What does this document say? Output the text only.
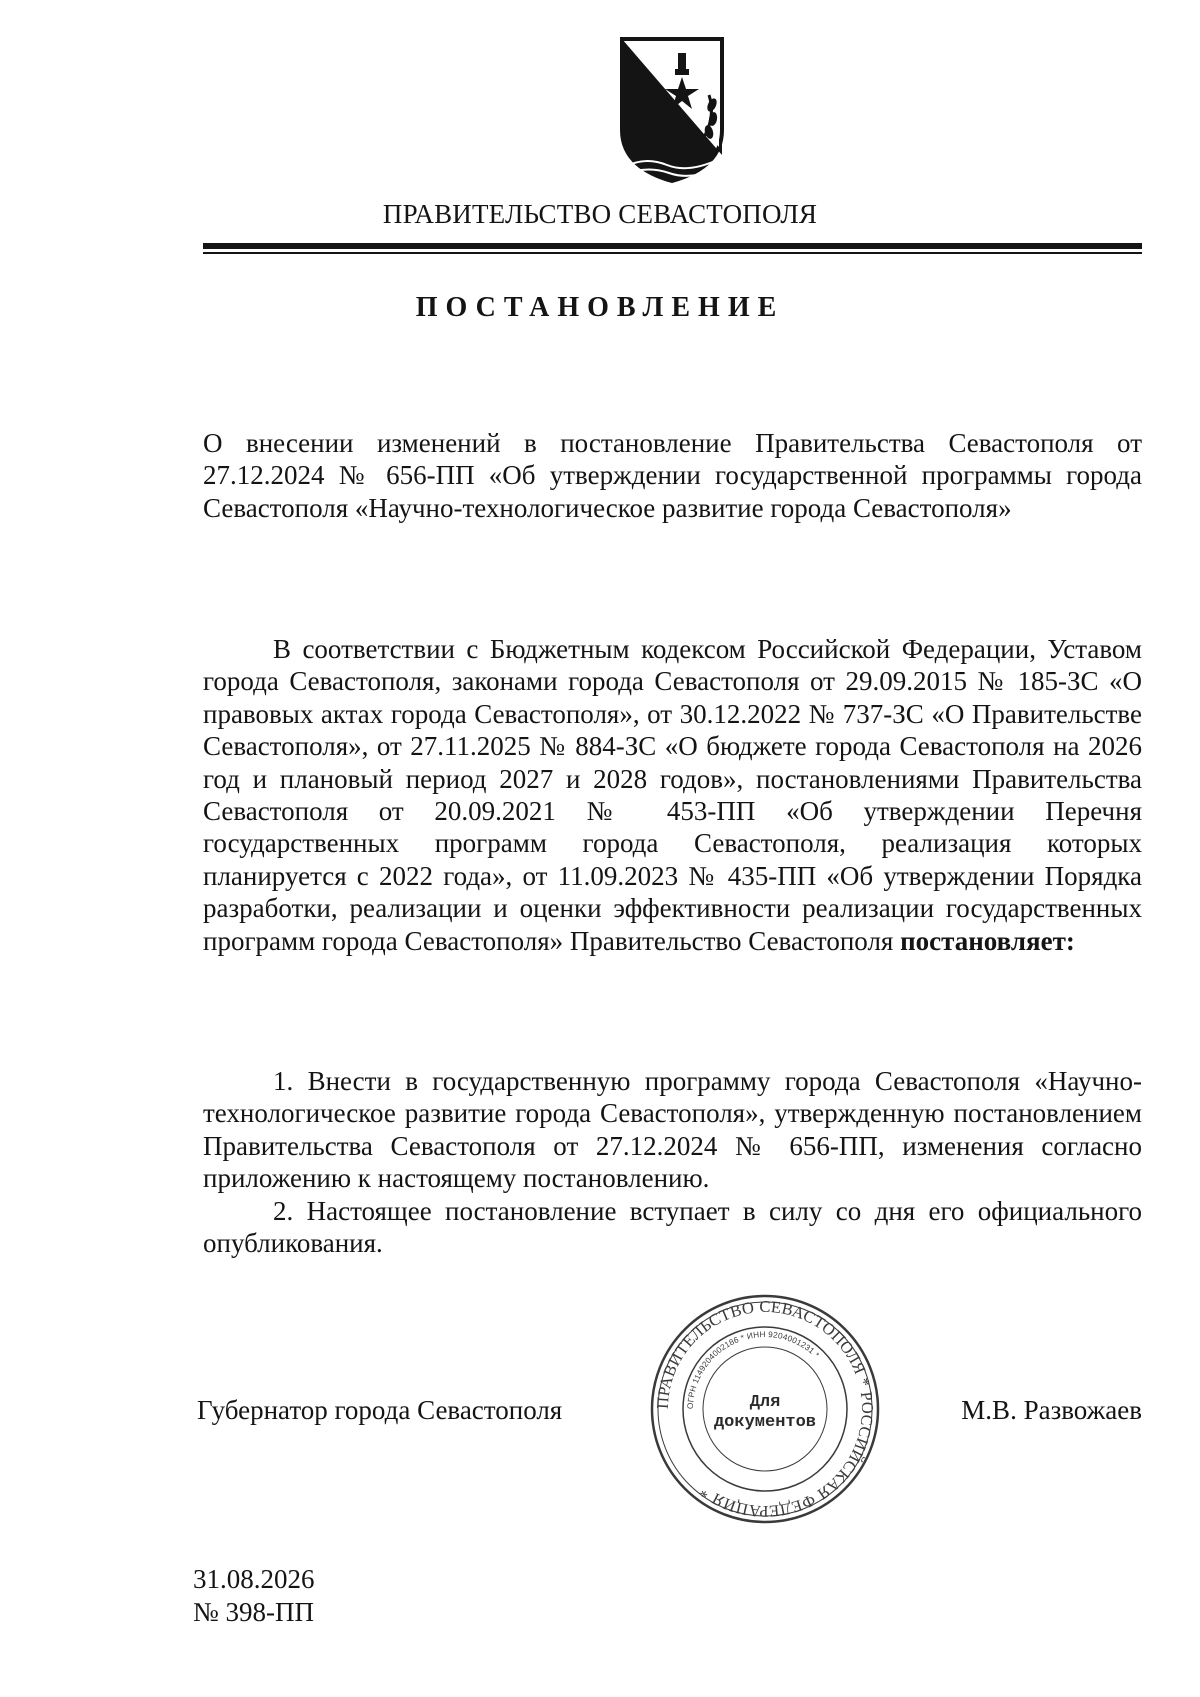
ПРАВИТЕЛЬСТВО СЕВАСТОПОЛЯ
ПОСТАНОВЛЕНИЕ
О внесении изменений в постановление Правительства Севастополя от 27.12.2024 № 656-ПП «Об утверждении государственной программы города Севастополя «Научно-технологическое развитие города Севастополя»
В соответствии с Бюджетным кодексом Российской Федерации, Уставом города Севастополя, законами города Севастополя от 29.09.2015 № 185-ЗС «О правовых актах города Севастополя», от 30.12.2022 № 737-ЗС «О Правительстве Севастополя», от 27.11.2025 № 884-ЗС «О бюджете города Севастополя на 2026 год и плановый период 2027 и 2028 годов», постановлениями Правительства Севастополя от 20.09.2021 № 453-ПП «Об утверждении Перечня государственных программ города Севастополя, реализация которых планируется с 2022 года», от 11.09.2023 № 435-ПП «Об утверждении Порядка разработки, реализации и оценки эффективности реализации государственных программ города Севастополя» Правительство Севастополя постановляет:

1. Внести в государственную программу города Севастополя «Научно-технологическое развитие города Севастополя», утвержденную постановлением Правительства Севастополя от 27.12.2024 № 656-ПП, изменения согласно приложению к настоящему постановлению.

2. Настоящее постановление вступает в силу со дня его официального опубликования.

Губернатор города Севастополя	ПРАВИТЕЛЬСТВО СЕВАСТОПОЛЯ * РОССИЙСКАЯ ФЕДЕРАЦИЯ *
ОГРН 1149204002186 * ИНН 9204001231 *
Для
документов	М.В. Развожаев
31.08.2026
№ 398-ПП
